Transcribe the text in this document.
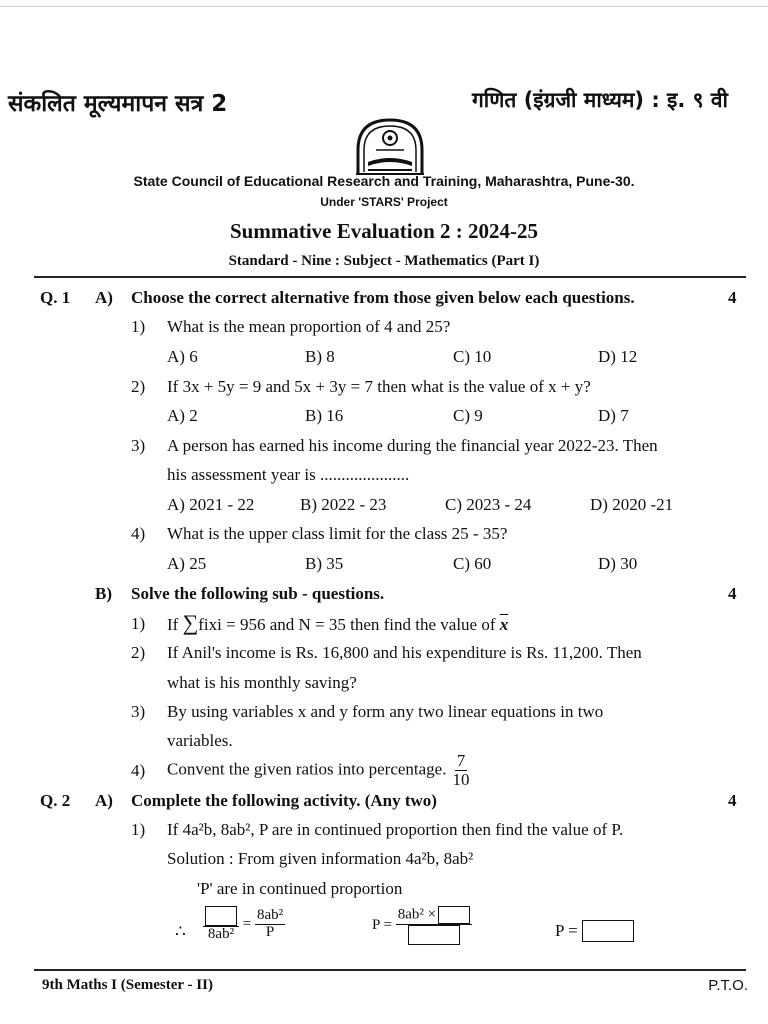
संकलित मूल्यमापन सत्र 2	गणित (इंग्रजी माध्यम) : इ. ९ वी
State Council of Educational Research and Training, Maharashtra, Pune-30.
Under 'STARS' Project
Summative Evaluation 2 : 2024-25
Standard - Nine : Subject - Mathematics (Part I)
Q. 1 A) Choose the correct alternative from those given below each questions.	4
1) What is the mean proportion of 4 and 25?
A) 6	B) 8	C) 10	D) 12
2) If 3x + 5y = 9 and 5x + 3y = 7 then what is the value of x + y?
A) 2	B) 16	C) 9	D) 7
3) A person has earned his income during the financial year 2022-23. Then
his assessment year is .....................
A) 2021 - 22	B) 2022 - 23	C) 2023 - 24	D) 2020 -21
4) What is the upper class limit for the class 25 - 35?
A) 25	B) 35	C) 60	D) 30
B) Solve the following sub - questions.	4
1) If ∑fixi = 956 and N = 35 then find the value of $\overline{x}$
2) If Anil's income is Rs. 16,800 and his expenditure is Rs. 11,200. Then
what is his monthly saving?
3) By using variables x and y form any two linear equations in two
variables.
4) Convent the given ratios into percentage. $\frac{7}{10}$
Q. 2 A) Complete the following activity. (Any two)	4
1) If 4a²b, 8ab², P are in continued proportion then find the value of P.
Solution : From given information 4a²b, 8ab²
'P' are in continued proportion
∴ 8ab²
= $\frac{\text{8ab²}}{P}$	P =
8ab² ×
P =
9th Maths I (Semester - II)	P.T.O.
